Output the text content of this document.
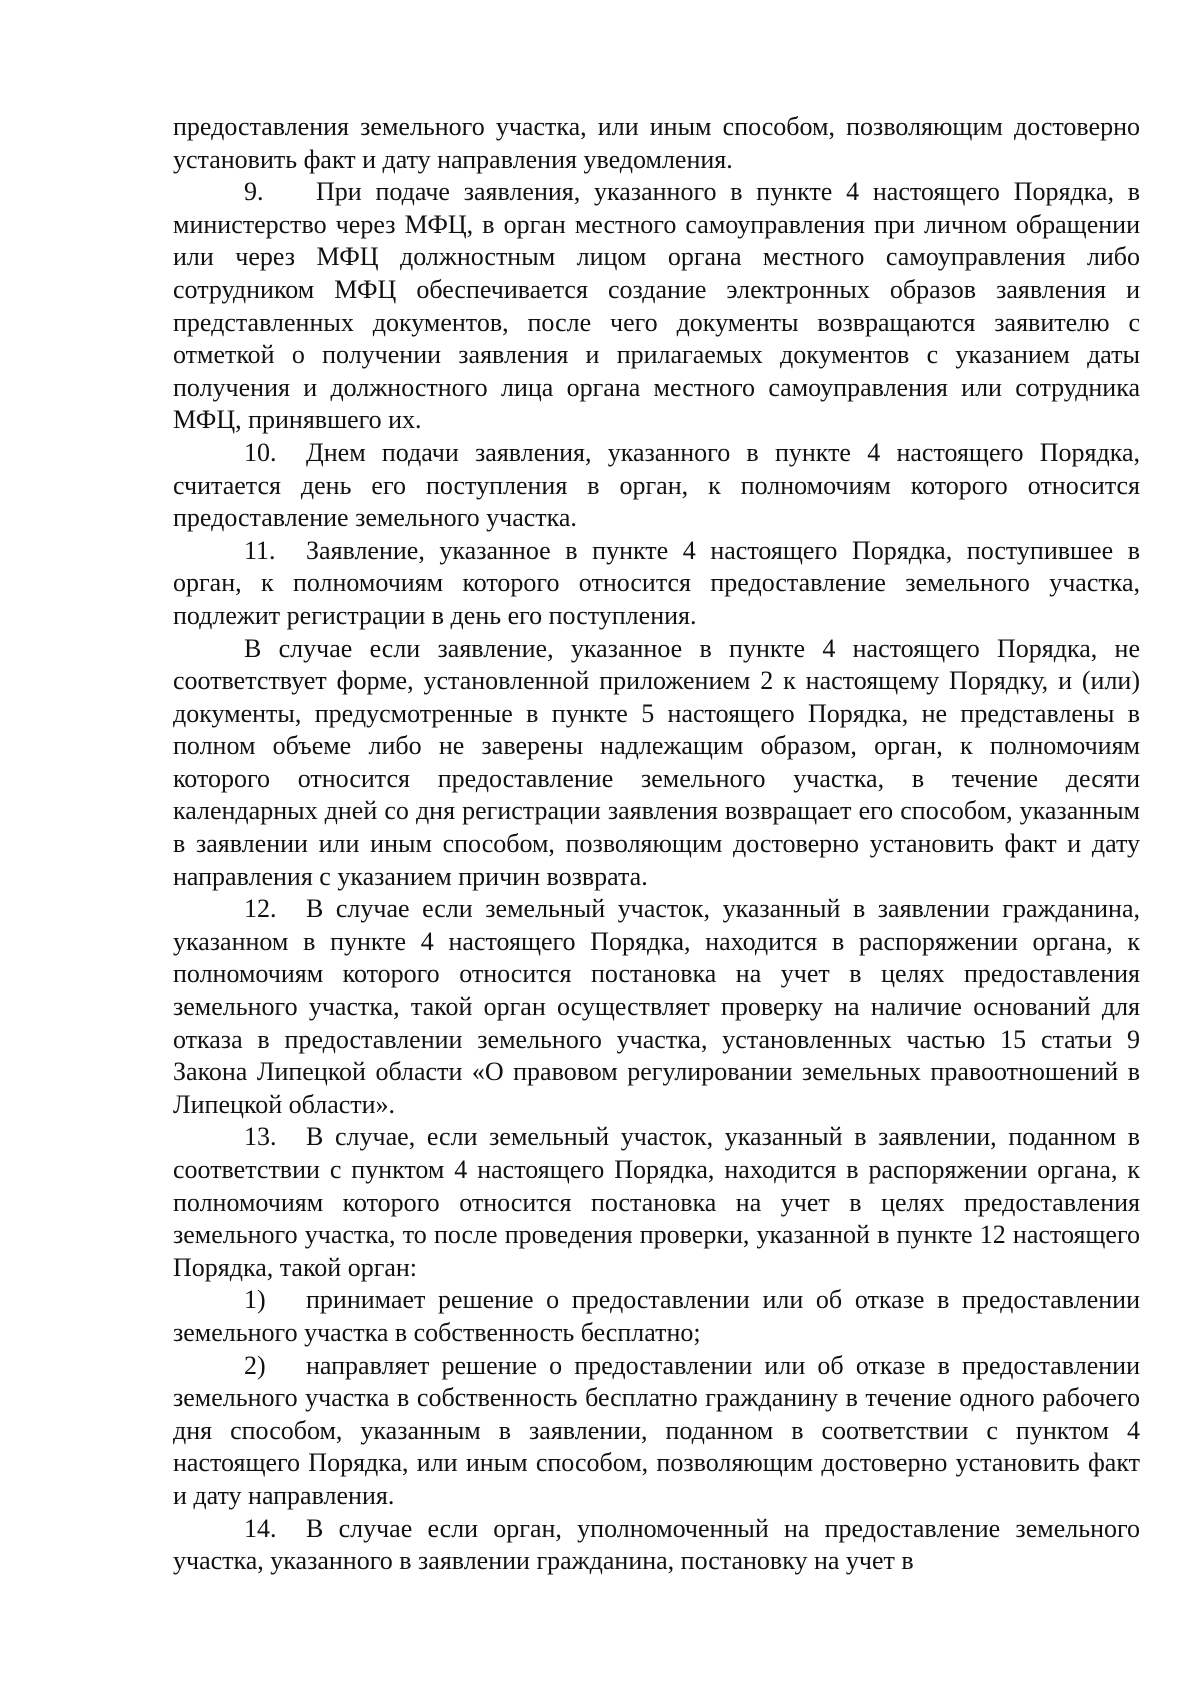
предоставления земельного участка, или иным способом, позволяющим достоверно установить факт и дату направления уведомления.

9. При подаче заявления, указанного в пункте 4 настоящего Порядка, в министерство через МФЦ, в орган местного самоуправления при личном обращении или через МФЦ должностным лицом органа местного самоуправления либо сотрудником МФЦ обеспечивается создание электронных образов заявления и представленных документов, после чего документы возвращаются заявителю с отметкой о получении заявления и прилагаемых документов с указанием даты получения и должностного лица органа местного самоуправления или сотрудника МФЦ, принявшего их.

10. Днем подачи заявления, указанного в пункте 4 настоящего Порядка, считается день его поступления в орган, к полномочиям которого относится предоставление земельного участка.

11. Заявление, указанное в пункте 4 настоящего Порядка, поступившее в орган, к полномочиям которого относится предоставление земельного участка, подлежит регистрации в день его поступления.

В случае если заявление, указанное в пункте 4 настоящего Порядка, не соответствует форме, установленной приложением 2 к настоящему Порядку, и (или) документы, предусмотренные в пункте 5 настоящего Порядка, не представлены в полном объеме либо не заверены надлежащим образом, орган, к полномочиям которого относится предоставление земельного участка, в течение десяти календарных дней со дня регистрации заявления возвращает его способом, указанным в заявлении или иным способом, позволяющим достоверно установить факт и дату направления с указанием причин возврата.

12. В случае если земельный участок, указанный в заявлении гражданина, указанном в пункте 4 настоящего Порядка, находится в распоряжении органа, к полномочиям которого относится постановка на учет в целях предоставления земельного участка, такой орган осуществляет проверку на наличие оснований для отказа в предоставлении земельного участка, установленных частью 15 статьи 9 Закона Липецкой области «О правовом регулировании земельных правоотношений в Липецкой области».

13. В случае, если земельный участок, указанный в заявлении, поданном в соответствии с пунктом 4 настоящего Порядка, находится в распоряжении органа, к полномочиям которого относится постановка на учет в целях предоставления земельного участка, то после проведения проверки, указанной в пункте 12 настоящего Порядка, такой орган:

1) принимает решение о предоставлении или об отказе в предоставлении земельного участка в собственность бесплатно;

2) направляет решение о предоставлении или об отказе в предоставлении земельного участка в собственность бесплатно гражданину в течение одного рабочего дня способом, указанным в заявлении, поданном в соответствии с пунктом 4 настоящего Порядка, или иным способом, позволяющим достоверно установить факт и дату направления.

14. В случае если орган, уполномоченный на предоставление земельного участка, указанного в заявлении гражданина, постановку на учет в
